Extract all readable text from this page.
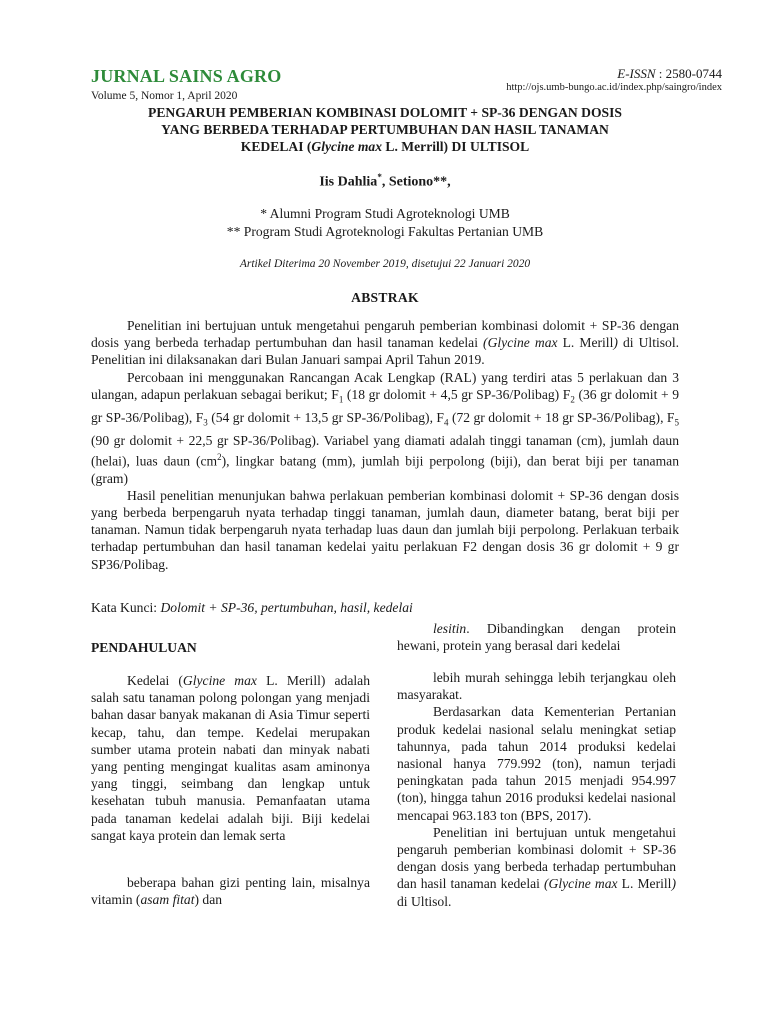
JURNAL SAINS AGRO
Volume 5, Nomor 1, April 2020
E-ISSN : 2580-0744
http://ojs.umb-bungo.ac.id/index.php/saingro/index
PENGARUH PEMBERIAN KOMBINASI DOLOMIT + SP-36 DENGAN DOSIS
YANG BERBEDA TERHADAP PERTUMBUHAN DAN HASIL TANAMAN
KEDELAI (Glycine max L. Merrill) DI ULTISOL
Iis Dahlia*, Setiono**,
* Alumni Program Studi Agroteknologi UMB
** Program Studi Agroteknologi Fakultas Pertanian UMB
Artikel Diterima 20 November 2019, disetujui 22 Januari 2020
ABSTRAK

Penelitian ini bertujuan untuk mengetahui pengaruh pemberian kombinasi dolomit + SP-36 dengan dosis yang berbeda terhadap pertumbuhan dan hasil tanaman kedelai (Glycine max L. Merill) di Ultisol. Penelitian ini dilaksanakan dari Bulan Januari sampai April Tahun 2019.

Percobaan ini menggunakan Rancangan Acak Lengkap (RAL) yang terdiri atas 5 perlakuan dan 3 ulangan, adapun perlakuan sebagai berikut; $F_1$ (18 gr dolomit + 4,5 gr SP-36/Polibag) $F_2$ (36 gr dolomit + 9 gr SP-36/Polibag), $F_3$ (54 gr dolomit + 13,5 gr SP-36/Polibag), $F_4$ (72 gr dolomit + 18 gr SP-36/Polibag), $F_5$ (90 gr dolomit + 22,5 gr SP-36/Polibag). Variabel yang diamati adalah tinggi tanaman (cm), jumlah daun (helai), luas daun $(cm^2)$, lingkar batang (mm), jumlah biji perpolong (biji), dan berat biji per tanaman (gram)

Hasil penelitian menunjukan bahwa perlakuan pemberian kombinasi dolomit + SP-36 dengan dosis yang berbeda berpengaruh nyata terhadap tinggi tanaman, jumlah daun, diameter batang, berat biji per tanaman. Namun tidak berpengaruh nyata terhadap luas daun dan jumlah biji perpolong. Perlakuan terbaik terhadap pertumbuhan dan hasil tanaman kedelai yaitu perlakuan F2 dengan dosis 36 gr dolomit + 9 gr SP36/Polibag.

Kata Kunci: Dolomit + SP-36, pertumbuhan, hasil, kedelai
PENDAHULUAN

Kedelai (Glycine max L. Merill) adalah salah satu tanaman polong polongan yang menjadi bahan dasar banyak makanan di Asia Timur seperti kecap, tahu, dan tempe. Kedelai merupakan sumber utama protein nabati dan minyak nabati yang penting mengingat kualitas asam aminonya yang tinggi, seimbang dan lengkap untuk kesehatan tubuh manusia. Pemanfaatan utama pada tanaman kedelai adalah biji. Biji kedelai sangat kaya protein dan lemak serta

beberapa bahan gizi penting lain, misalnya vitamin (asam fitat) dan

lesitin. Dibandingkan dengan protein hewani, protein yang berasal dari kedelai

lebih murah sehingga lebih terjangkau oleh masyarakat.

Berdasarkan data Kementerian Pertanian produk kedelai nasional selalu meningkat setiap tahunnya, pada tahun 2014 produksi kedelai nasional hanya 779.992 (ton), namun terjadi peningkatan pada tahun 2015 menjadi 954.997 (ton), hingga tahun 2016 produksi kedelai nasional mencapai 963.183 ton (BPS, 2017).

Penelitian ini bertujuan untuk mengetahui pengaruh pemberian kombinasi dolomit + SP-36 dengan dosis yang berbeda terhadap pertumbuhan dan hasil tanaman kedelai (Glycine max L. Merill) di Ultisol.
